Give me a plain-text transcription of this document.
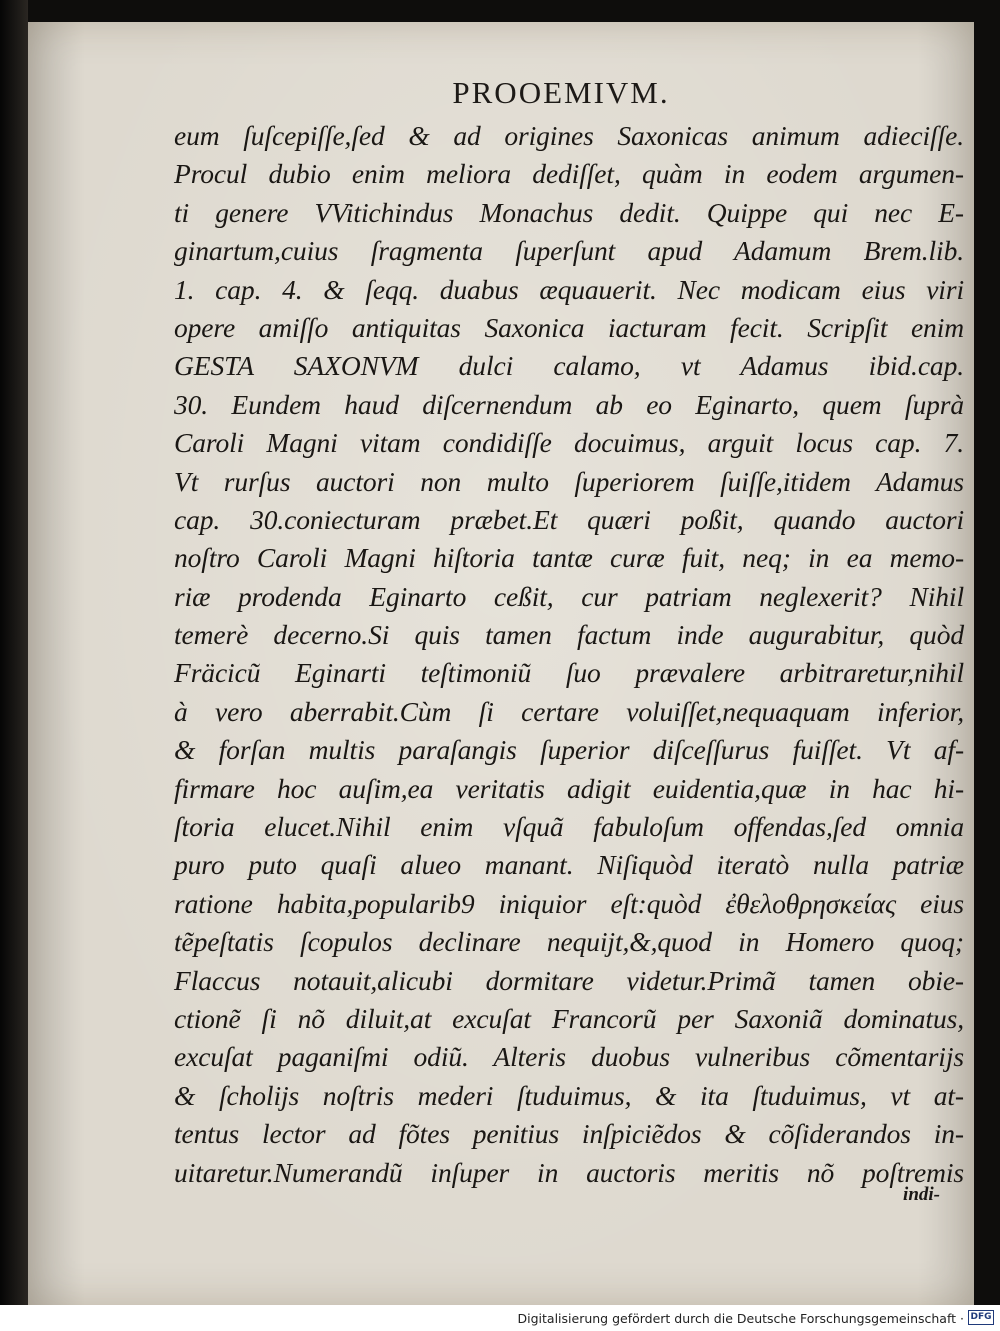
PROOEMIVM.
eum ſuſcepiſſe,ſed & ad origines Saxonicas animum adieciſſe.
Procul dubio enim meliora dediſſet, quàm in eodem argumen-
ti genere VVitichindus Monachus dedit. Quippe qui nec E-
ginartum,cuius ſragmenta ſuperſunt apud Adamum Brem.lib.
1. cap. 4. & ſeqq. duabus æquauerit. Nec modicam eius viri
opere amiſſo antiquitas Saxonica iacturam fecit. Scripſit enim
GESTA SAXONVM dulci calamo, vt Adamus ibid.cap.
30. Eundem haud diſcernendum ab eo Eginarto, quem ſuprà
Caroli Magni vitam condidiſſe docuimus, arguit locus cap. 7.
Vt rurſus auctori non multo ſuperiorem ſuiſſe,itidem Adamus
cap. 30.coniecturam præbet.Et quæri poßit, quando auctori
noſtro Caroli Magni hiſtoria tantæ curæ fuit, neq; in ea memo-
riæ prodenda Eginarto ceßit, cur patriam neglexerit? Nihil
temerè decerno.Si quis tamen factum inde augurabitur, quòd
Fräcicũ Eginarti teſtimoniũ ſuo prævalere arbitraretur,nihil
à vero aberrabit.Cùm ſi certare voluiſſet,nequaquam inferior,
& forſan multis paraſangis ſuperior diſceſſurus fuiſſet. Vt af-
firmare hoc auſim,ea veritatis adigit euidentia,quæ in hac hi-
ſtoria elucet.Nihil enim vſquã fabuloſum offendas,ſed omnia
puro puto quaſi alueo manant. Niſiquòd iteratò nulla patriæ
ratione habita,popularib9 iniquior eſt:quòd ἐθελοθρησκείας eius
tẽpeſtatis ſcopulos declinare nequijt,&,quod in Homero quoq;
Flaccus notauit,alicubi dormitare videtur.Primã tamen obie-
ctionẽ ſi nõ diluit,at excuſat Francorũ per Saxoniã dominatus,
excuſat paganiſmi odiũ. Alteris duobus vulneribus cõmentarijs
& ſcholijs noſtris mederi ſtuduimus, & ita ſtuduimus, vt at-
tentus lector ad fõtes penitius inſpiciẽdos & cõſiderandos in-
uitaretur.Numerandũ inſuper in auctoris meritis nõ poſtremis
indi-
Digitalisierung gefördert durch die Deutsche Forschungsgemeinschaft · DFG
